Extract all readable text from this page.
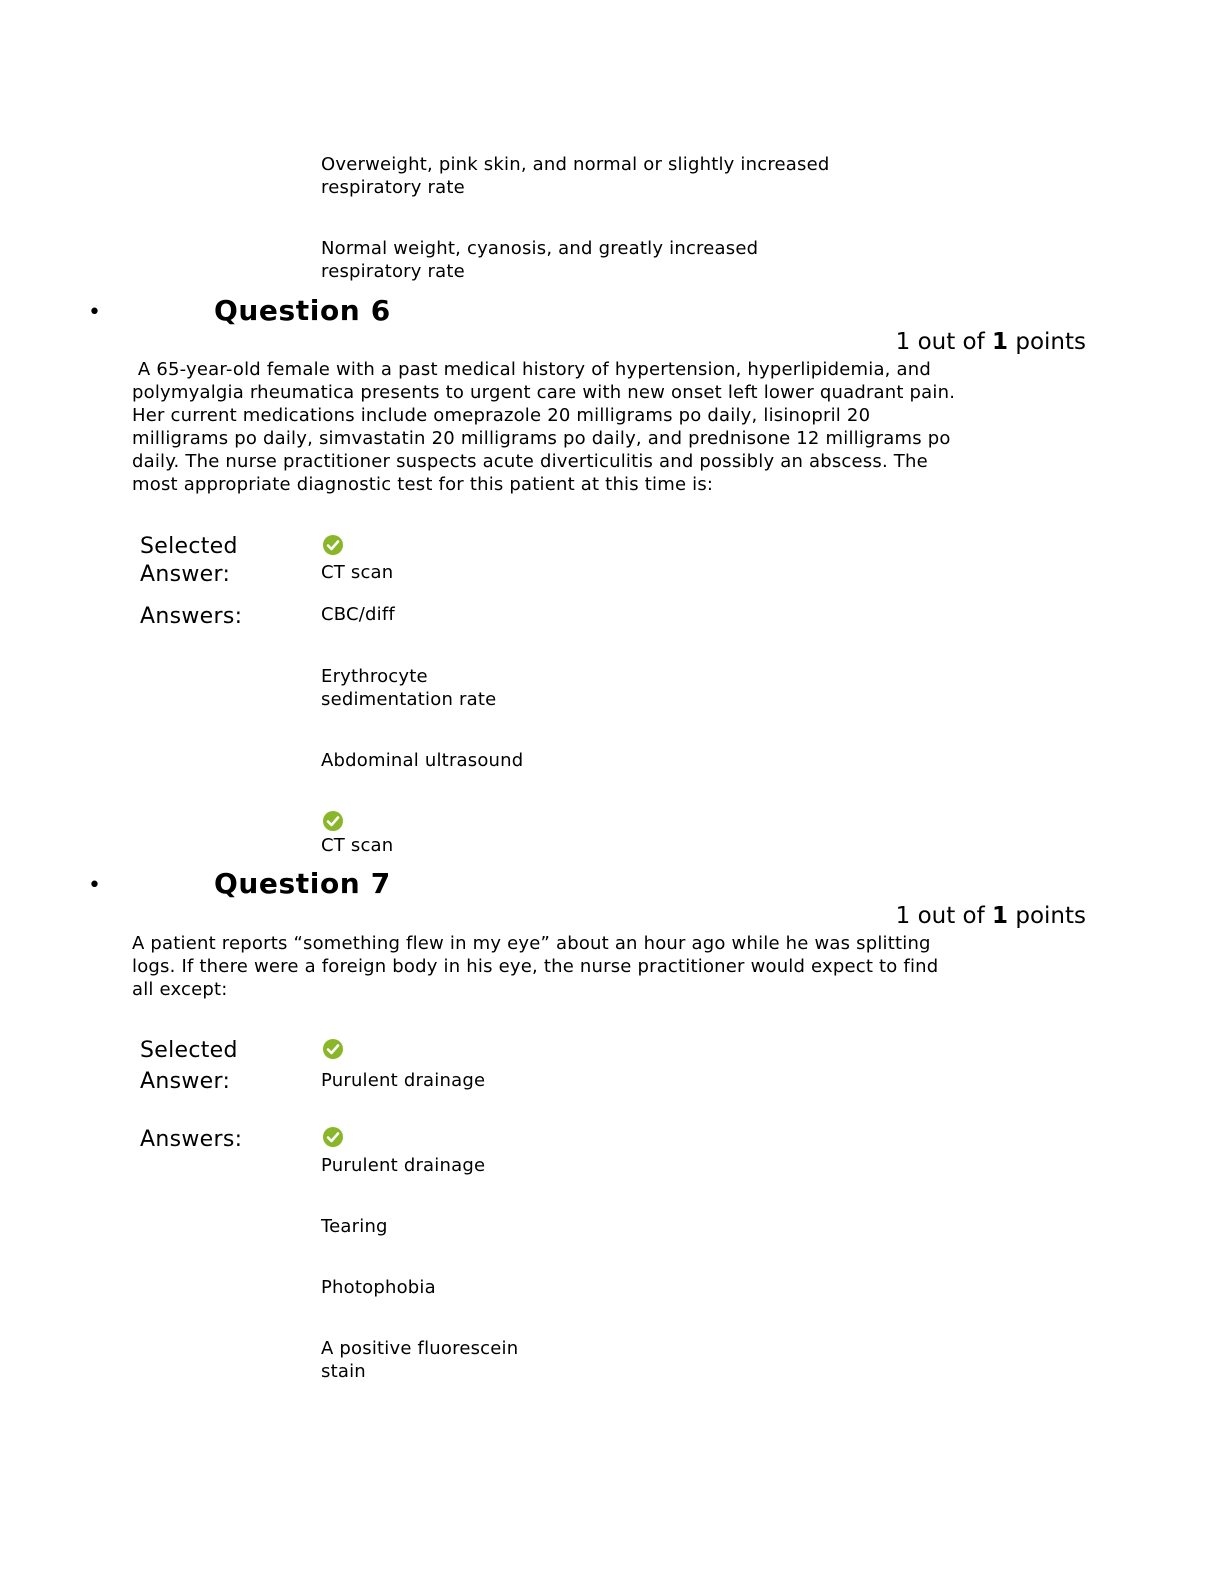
Overweight, pink skin, and normal or slightly increased
respiratory rate
Normal weight, cyanosis, and greatly increased
respiratory rate
•	Question 6
1 out of 1 points
A 65-year-old female with a past medical history of hypertension, hyperlipidemia, and
polymyalgia rheumatica presents to urgent care with new onset left lower quadrant pain.
Her current medications include omeprazole 20 milligrams po daily, lisinopril 20
milligrams po daily, simvastatin 20 milligrams po daily, and prednisone 12 milligrams po
daily. The nurse practitioner suspects acute diverticulitis and possibly an abscess. The
most appropriate diagnostic test for this patient at this time is:
Selected
Answer:	CT scan
Answers:	CBC/diff
Erythrocyte
sedimentation rate
Abdominal ultrasound
CT scan
•	Question 7
1 out of 1 points
A patient reports “something flew in my eye” about an hour ago while he was splitting
logs. If there were a foreign body in his eye, the nurse practitioner would expect to find
all except:
Selected
Answer:	Purulent drainage
Answers:
Purulent drainage
Tearing
Photophobia
A positive fluorescein
stain
